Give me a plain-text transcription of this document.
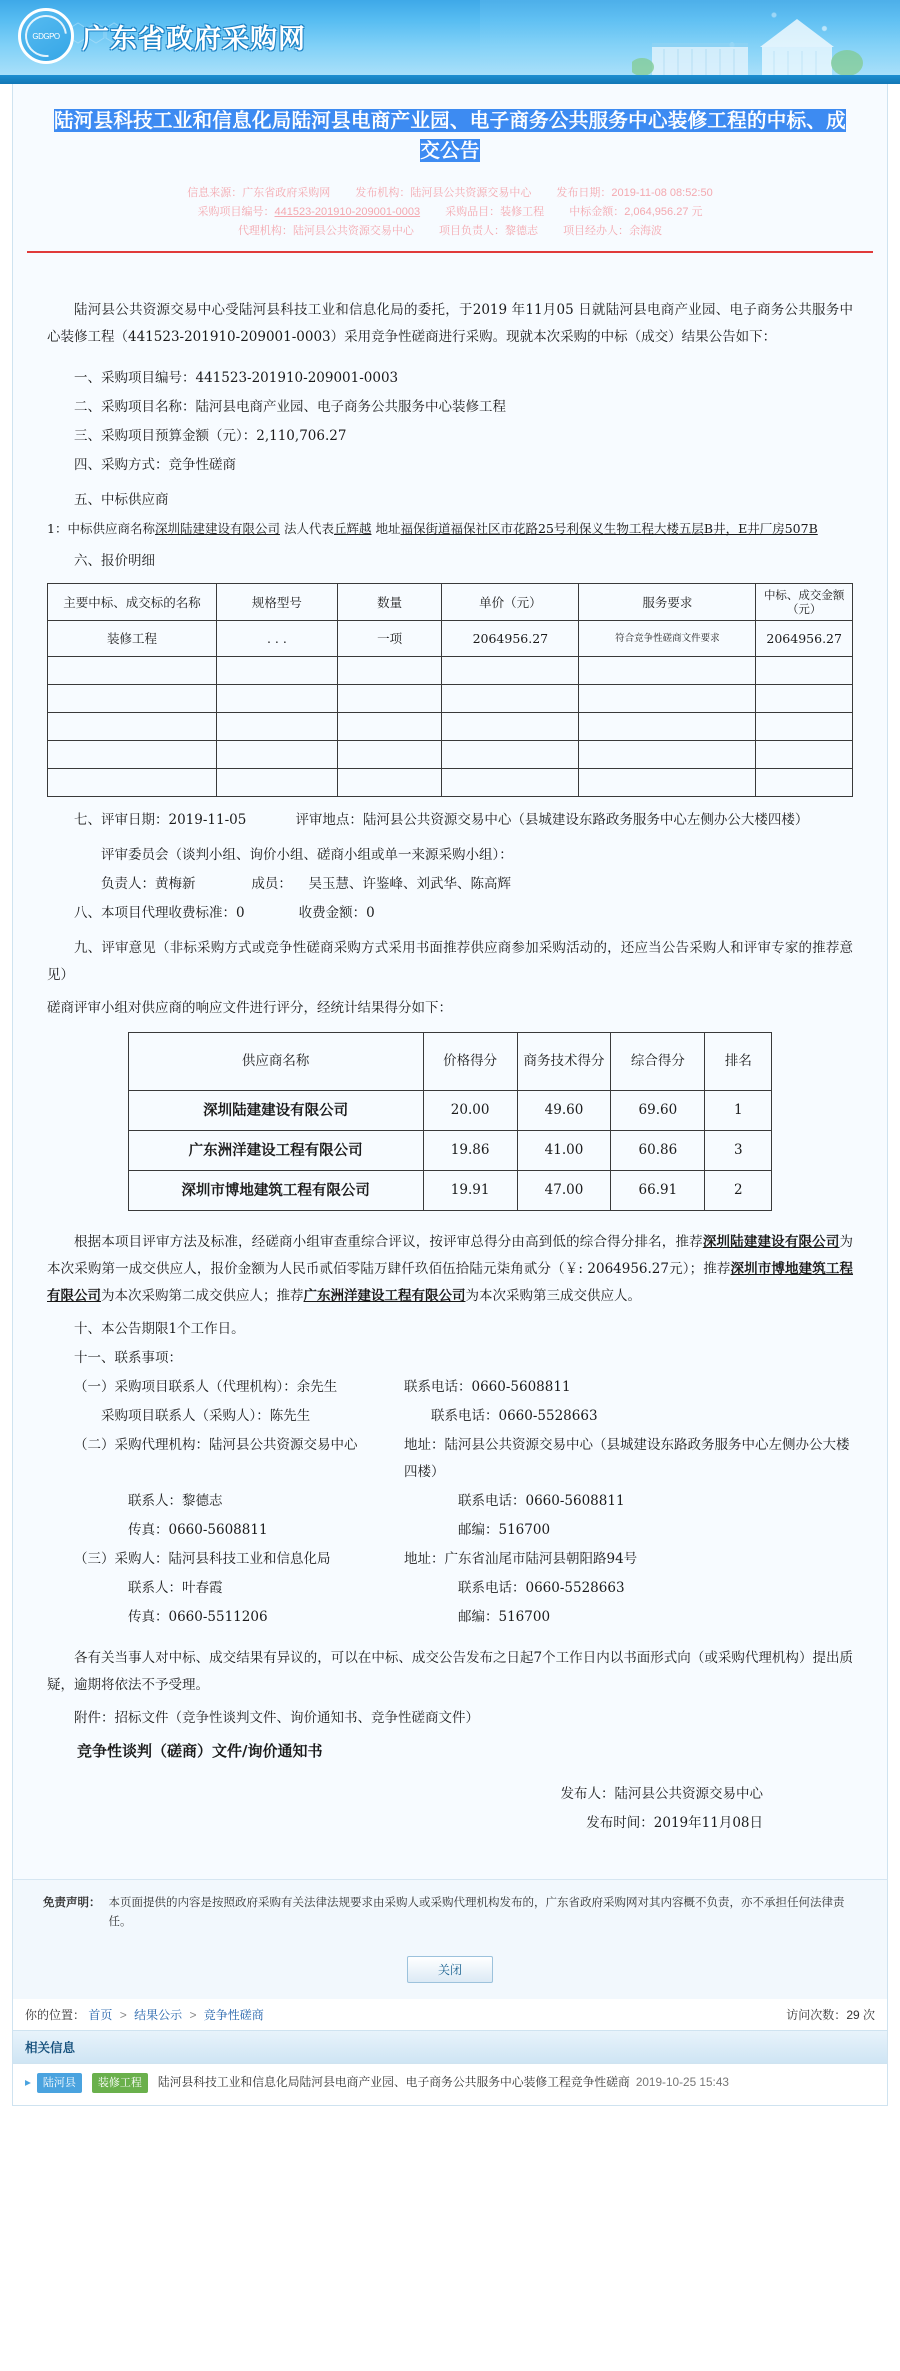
GDGPO 广东省政府采购网
陆河县科技工业和信息化局陆河县电商产业园、电子商务公共服务中心装修工程的中标、成交公告
信息来源：广东省政府采购网 发布机构：陆河县公共资源交易中心 发布日期：2019-11-08 08:52:50
采购项目编号：441523-201910-209001-0003 采购品目：装修工程 中标金额：2,064,956.27 元
代理机构：陆河县公共资源交易中心 项目负责人：黎德志 项目经办人：余海波

陆河县公共资源交易中心受陆河县科技工业和信息化局的委托，于2019 年11月05 日就陆河县电商产业园、电子商务公共服务中心装修工程（441523-201910-209001-0003）采用竞争性磋商进行采购。现就本次采购的中标（成交）结果公告如下：

一、采购项目编号：441523-201910-209001-0003

二、采购项目名称：陆河县电商产业园、电子商务公共服务中心装修工程

三、采购项目预算金额（元）：2,110,706.27

四、采购方式：竞争性磋商

五、中标供应商

1：中标供应商名称深圳陆建建设有限公司 法人代表丘辉越 地址福保街道福保社区市花路25号利保义生物工程大楼五层B井，E井厂房507B

六、报价明细

主要中标、成交标的名称	规格型号	数量	单价（元）	服务要求	中标、成交金额（元）
装修工程	. . .	一项	2064956.27	符合竞争性磋商文件要求	2064956.27

七、评审日期：2019-11-05	评审地点：陆河县公共资源交易中心（县城建设东路政务服务中心左侧办公大楼四楼）

评审委员会（谈判小组、询价小组、磋商小组或单一来源采购小组）：

负责人：黄梅新	成员： 吴玉慧、许鉴峰、刘武华、陈高辉

八、本项目代理收费标准：0　　　　收费金额：0

九、评审意见（非标采购方式或竞争性磋商采购方式采用书面推荐供应商参加采购活动的，还应当公告采购人和评审专家的推荐意见）

磋商评审小组对供应商的响应文件进行评分，经统计结果得分如下：

供应商名称	价格得分	商务技术得分	综合得分	排名
深圳陆建建设有限公司	20.00	49.60	69.60	1
广东洲洋建设工程有限公司	19.86	41.00	60.86	3
深圳市博地建筑工程有限公司	19.91	47.00	66.91	2

根据本项目评审方法及标准，经磋商小组审查重综合评议，按评审总得分由高到低的综合得分排名，推荐深圳陆建建设有限公司为本次采购第一成交供应人，报价金额为人民币贰佰零陆万肆仟玖佰伍拾陆元柒角贰分（￥: 2064956.27元）；推荐深圳市博地建筑工程有限公司为本次采购第二成交供应人；推荐广东洲洋建设工程有限公司为本次采购第三成交供应人。

十、本公告期限1个工作日。

十一、联系事项：

（一）采购项目联系人（代理机构）：余先生	联系电话：0660-5608811
采购项目联系人（采购人）：陈先生	联系电话：0660-5528663
（二）采购代理机构：陆河县公共资源交易中心	地址：陆河县公共资源交易中心（县城建设东路政务服务中心左侧办公大楼四楼）
联系人：黎德志	联系电话：0660-5608811
传真：0660-5608811	邮编：516700
（三）采购人：陆河县科技工业和信息化局	地址：广东省汕尾市陆河县朝阳路94号
联系人：叶春霞	联系电话：0660-5528663
传真：0660-5511206	邮编：516700

各有关当事人对中标、成交结果有异议的，可以在中标、成交公告发布之日起7个工作日内以书面形式向（或采购代理机构）提出质疑，逾期将依法不予受理。

附件：招标文件（竞争性谈判文件、询价通知书、竞争性磋商文件）

竞争性谈判（磋商）文件/询价通知书

发布人：陆河县公共资源交易中心

发布时间：2019年11月08日

免责声明： 本页面提供的内容是按照政府采购有关法律法规要求由采购人或采购代理机构发布的，广东省政府采购网对其内容概不负责，亦不承担任何法律责任。
关闭
你的位置： 首页 > 结果公示 > 竞争性磋商	访问次数：29 次
相关信息
▸	陆河县	装修工程	陆河县科技工业和信息化局陆河县电商产业园、电子商务公共服务中心装修工程竞争性磋商 2019-10-25 15:43
